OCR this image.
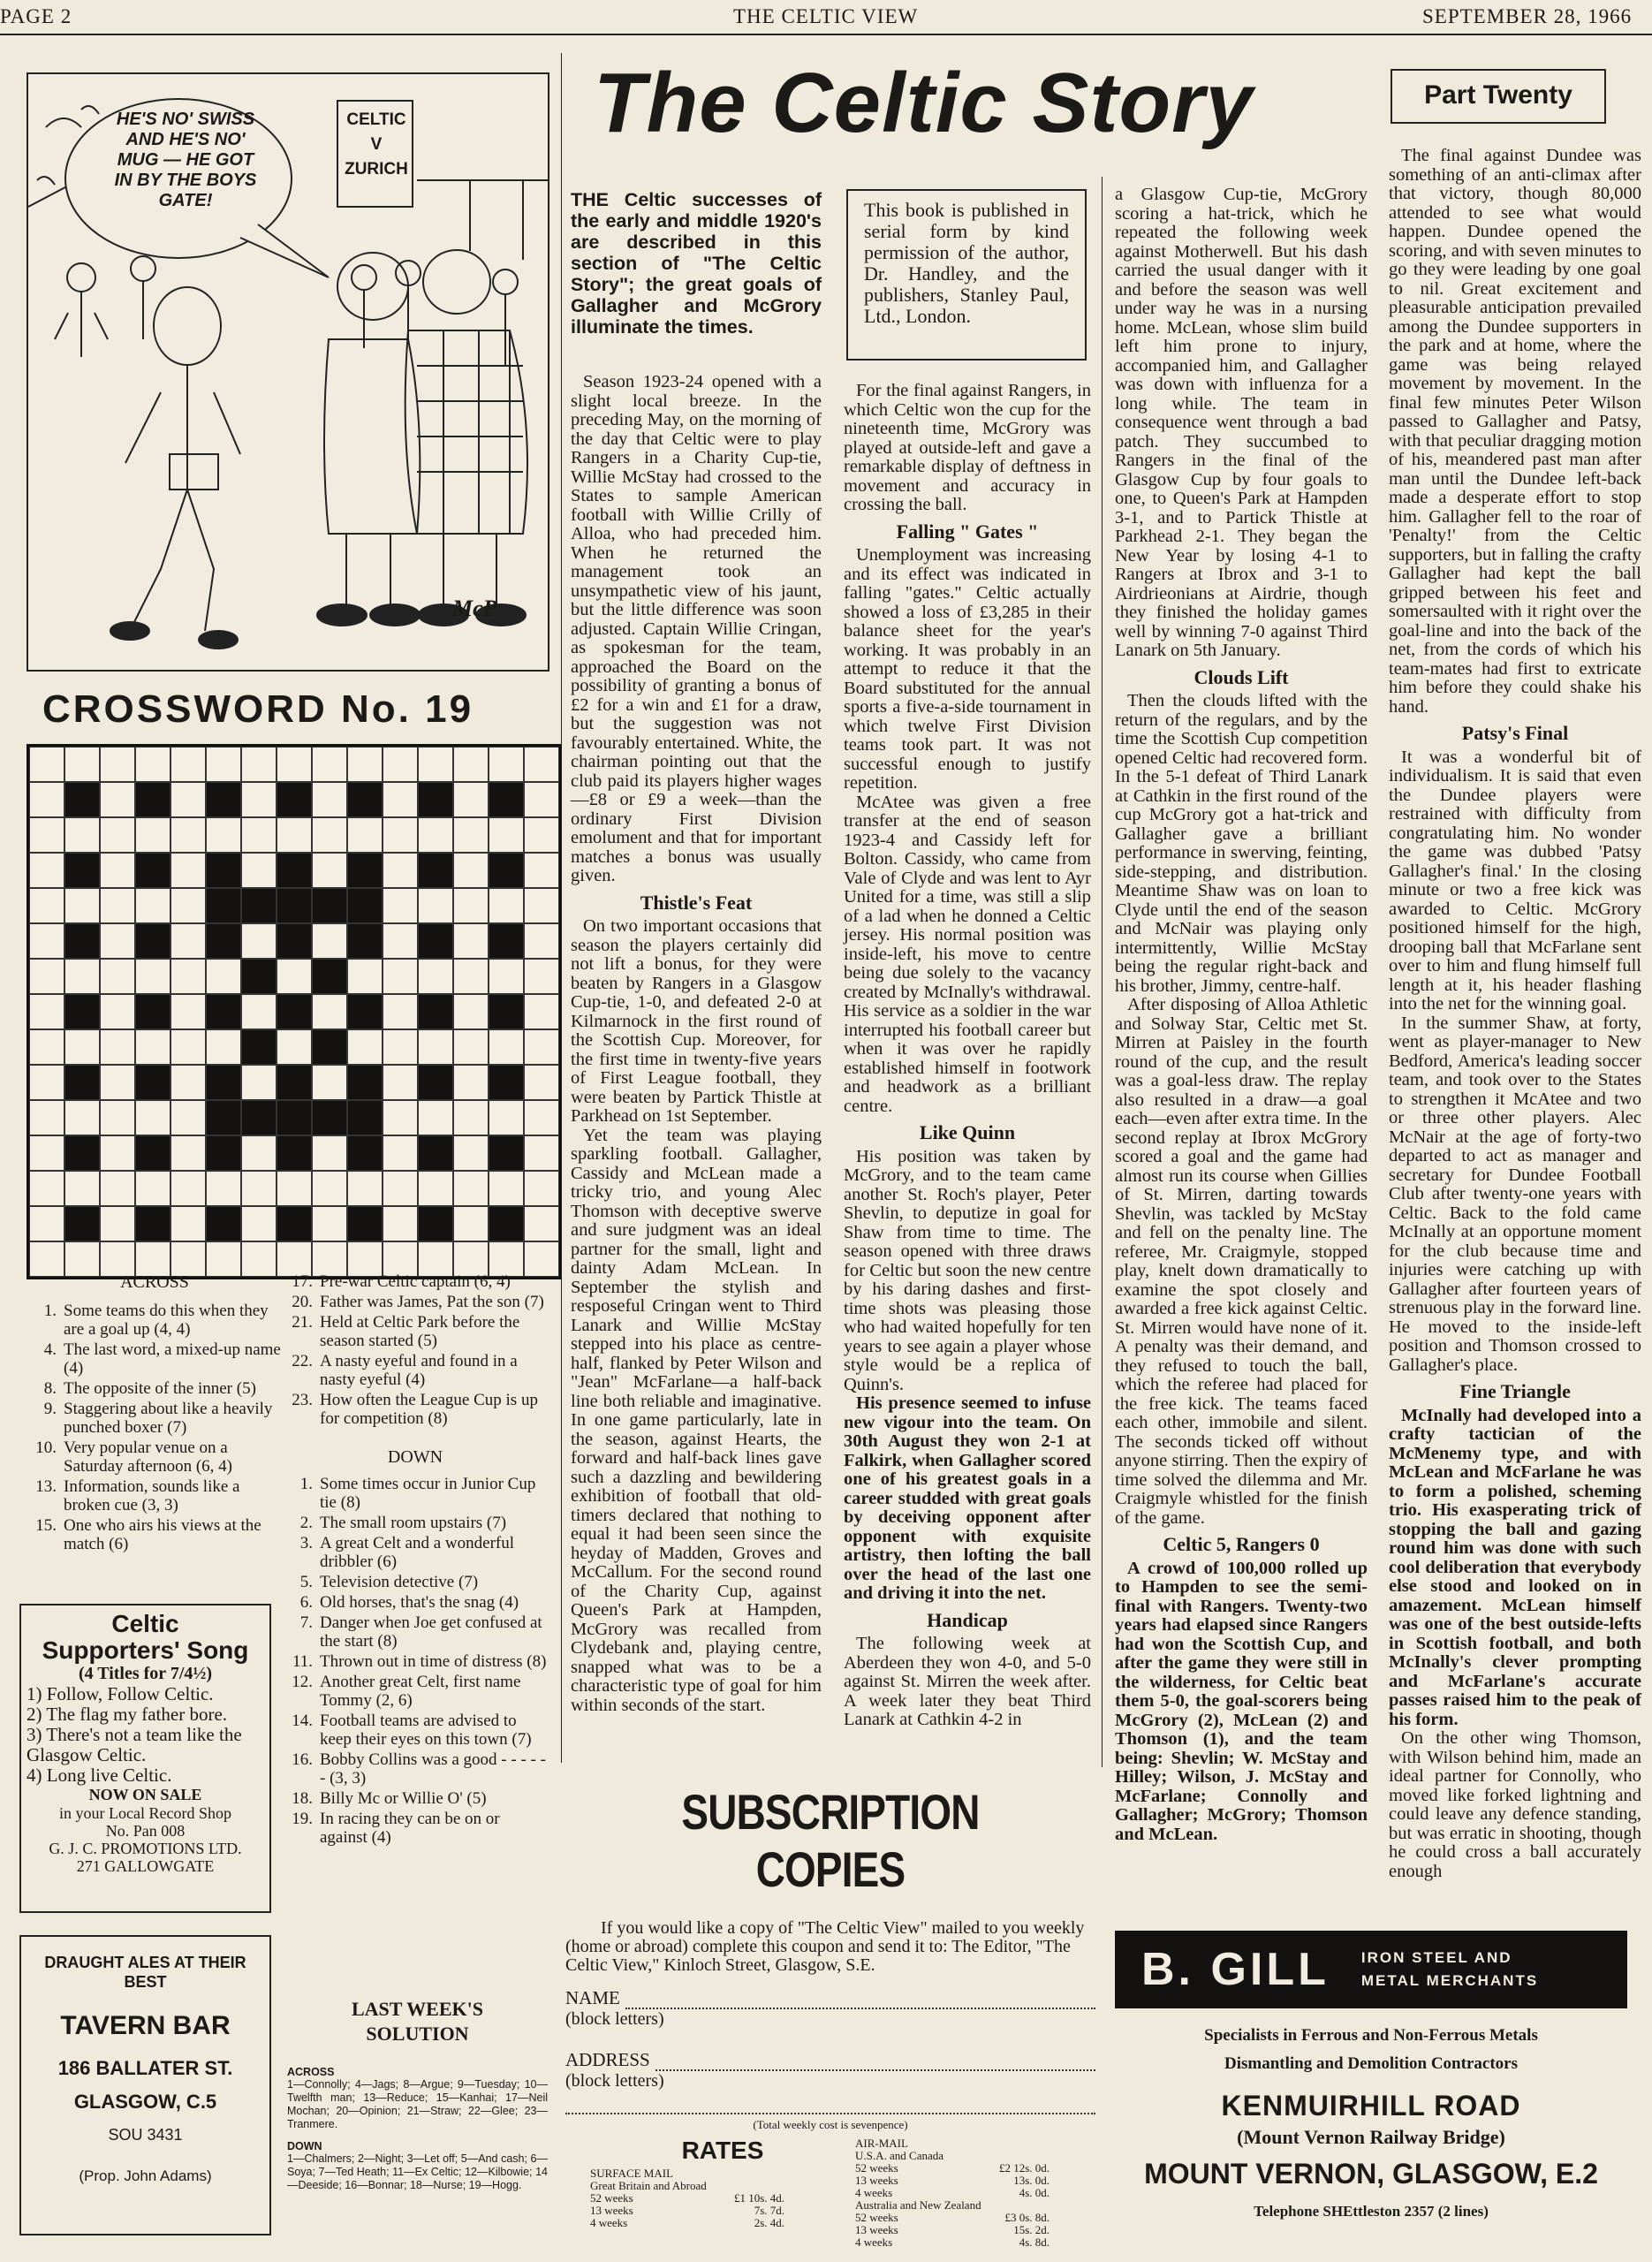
PAGE 2	THE CELTIC VIEW	SEPTEMBER 28, 1966
HE'S NO' SWISS
AND HE'S NO'
MUG — HE GOT
IN BY THE BOYS
GATE!
CELTIC
V
ZURICH
McP
CROSSWORD No. 19
ACROSS
1. Some teams do this when they are a goal up (4, 4)
4. The last word, a mixed-up name (4)
8. The opposite of the inner (5)
9. Staggering about like a heavily punched boxer (7)
10. Very popular venue on a Saturday afternoon (6, 4)
13. Information, sounds like a broken cue (3, 3)
15. One who airs his views at the match (6)
17. Pre-war Celtic captain (6, 4)
20. Father was James, Pat the son (7)
21. Held at Celtic Park before the season started (5)
22. A nasty eyeful and found in a nasty eyeful (4)
23. How often the League Cup is up for competition (8)
DOWN
1. Some times occur in Junior Cup tie (8)
2. The small room upstairs (7)
3. A great Celt and a wonderful dribbler (6)
5. Television detective (7)
6. Old horses, that's the snag (4)
7. Danger when Joe get confused at the start (8)
11. Thrown out in time of distress (8)
12. Another great Celt, first name Tommy (2, 6)
14. Football teams are advised to keep their eyes on this town (7)
16. Bobby Collins was a good - - - - - - (3, 3)
18. Billy Mc or Willie O' (5)
19. In racing they can be on or against (4)
Celtic
Supporters' Song
(4 Titles for 7/4½)
1) Follow, Follow Celtic.
2) The flag my father bore.
3) There's not a team like the Glasgow Celtic.
4) Long live Celtic.
NOW ON SALE
in your Local Record Shop
No. Pan 008
G. J. C. PROMOTIONS LTD.
271 GALLOWGATE
DRAUGHT ALES AT THEIR BEST
TAVERN BAR
186 BALLATER ST.
GLASGOW, C.5
SOU 3431
(Prop. John Adams)
LAST WEEK'S
SOLUTION
ACROSS
1—Connolly; 4—Jags; 8—Argue; 9—Tuesday; 10—Twelfth man; 13—Reduce; 15—Kanhai; 17—Neil Mochan; 20—Opinion; 21—Straw; 22—Glee; 23—Tranmere.
DOWN
1—Chalmers; 2—Night; 3—Let off; 5—And cash; 6—Soya; 7—Ted Heath; 11—Ex Celtic; 12—Kilbowie; 14—Deeside; 16—Bonnar; 18—Nurse; 19—Hogg.
The Celtic Story	Part Twenty
THE Celtic successes of the early and middle 1920's are described in this section of "The Celtic Story"; the great goals of Gallagher and McGrory illuminate the times.
This book is published in serial form by kind permission of the author, Dr. Handley, and the publishers, Stanley Paul, Ltd., London.

Season 1923-24 opened with a slight local breeze. In the preceding May, on the morning of the day that Celtic were to play Rangers in a Charity Cup-tie, Willie McStay had crossed to the States to sample American football with Willie Crilly of Alloa, who had preceded him. When he returned the management took an unsympathetic view of his jaunt, but the little difference was soon adjusted. Captain Willie Cringan, as spokesman for the team, approached the Board on the possibility of granting a bonus of £2 for a win and £1 for a draw, but the suggestion was not favourably entertained. White, the chairman pointing out that the club paid its players higher wages—£8 or £9 a week—than the ordinary First Division emolument and that for important matches a bonus was usually given.

Thistle's Feat

On two important occasions that season the players certainly did not lift a bonus, for they were beaten by Rangers in a Glasgow Cup-tie, 1-0, and defeated 2-0 at Kilmarnock in the first round of the Scottish Cup. Moreover, for the first time in twenty-five years of First League football, they were beaten by Partick Thistle at Parkhead on 1st September.

Yet the team was playing sparkling football. Gallagher, Cassidy and McLean made a tricky trio, and young Alec Thomson with deceptive swerve and sure judgment was an ideal partner for the small, light and dainty Adam McLean. In September the stylish and resposeful Cringan went to Third Lanark and Willie McStay stepped into his place as centre-half, flanked by Peter Wilson and "Jean" McFarlane—a half-back line both reliable and imaginative. In one game particularly, late in the season, against Hearts, the forward and half-back lines gave such a dazzling and bewildering exhibition of football that old-timers declared that nothing to equal it had been seen since the heyday of Madden, Groves and McCallum. For the second round of the Charity Cup, against Queen's Park at Hampden, McGrory was recalled from Clydebank and, playing centre, snapped what was to be a characteristic type of goal for him within seconds of the start.

For the final against Rangers, in which Celtic won the cup for the nineteenth time, McGrory was played at outside-left and gave a remarkable display of deftness in movement and accuracy in crossing the ball.

Falling " Gates "

Unemployment was increasing and its effect was indicated in falling "gates." Celtic actually showed a loss of £3,285 in their balance sheet for the year's working. It was probably in an attempt to reduce it that the Board substituted for the annual sports a five-a-side tournament in which twelve First Division teams took part. It was not successful enough to justify repetition.

McAtee was given a free transfer at the end of season 1923-4 and Cassidy left for Bolton. Cassidy, who came from Vale of Clyde and was lent to Ayr United for a time, was still a slip of a lad when he donned a Celtic jersey. His normal position was inside-left, his move to centre being due solely to the vacancy created by McInally's withdrawal. His service as a soldier in the war interrupted his football career but when it was over he rapidly established himself in footwork and headwork as a brilliant centre.

Like Quinn

His position was taken by McGrory, and to the team came another St. Roch's player, Peter Shevlin, to deputize in goal for Shaw from time to time. The season opened with three draws for Celtic but soon the new centre by his daring dashes and first-time shots was pleasing those who had waited hopefully for ten years to see again a player whose style would be a replica of Quinn's.

His presence seemed to infuse new vigour into the team. On 30th August they won 2-1 at Falkirk, when Gallagher scored one of his greatest goals in a career studded with great goals by deceiving opponent after opponent with exquisite artistry, then lofting the ball over the head of the last one and driving it into the net.

Handicap

The following week at Aberdeen they won 4-0, and 5-0 against St. Mirren the week after. A week later they beat Third Lanark at Cathkin 4-2 in

a Glasgow Cup-tie, McGrory scoring a hat-trick, which he repeated the following week against Motherwell. But his dash carried the usual danger with it and before the season was well under way he was in a nursing home. McLean, whose slim build left him prone to injury, accompanied him, and Gallagher was down with influenza for a long while. The team in consequence went through a bad patch. They succumbed to Rangers in the final of the Glasgow Cup by four goals to one, to Queen's Park at Hampden 3-1, and to Partick Thistle at Parkhead 2-1. They began the New Year by losing 4-1 to Rangers at Ibrox and 3-1 to Airdrieonians at Airdrie, though they finished the holiday games well by winning 7-0 against Third Lanark on 5th January.

Clouds Lift

Then the clouds lifted with the return of the regulars, and by the time the Scottish Cup competition opened Celtic had recovered form. In the 5-1 defeat of Third Lanark at Cathkin in the first round of the cup McGrory got a hat-trick and Gallagher gave a brilliant performance in swerving, feinting, side-stepping, and distribution. Meantime Shaw was on loan to Clyde until the end of the season and McNair was playing only intermittently, Willie McStay being the regular right-back and his brother, Jimmy, centre-half.

After disposing of Alloa Athletic and Solway Star, Celtic met St. Mirren at Paisley in the fourth round of the cup, and the result was a goal-less draw. The replay also resulted in a draw—a goal each—even after extra time. In the second replay at Ibrox McGrory scored a goal and the game had almost run its course when Gillies of St. Mirren, darting towards Shevlin, was tackled by McStay and fell on the penalty line. The referee, Mr. Craigmyle, stopped play, knelt down dramatically to examine the spot closely and awarded a free kick against Celtic. St. Mirren would have none of it. A penalty was their demand, and they refused to touch the ball, which the referee had placed for the free kick. The teams faced each other, immobile and silent. The seconds ticked off without anyone stirring. Then the expiry of time solved the dilemma and Mr. Craigmyle whistled for the finish of the game.

Celtic 5, Rangers 0

A crowd of 100,000 rolled up to Hampden to see the semi-final with Rangers. Twenty-two years had elapsed since Rangers had won the Scottish Cup, and after the game they were still in the wilderness, for Celtic beat them 5-0, the goal-scorers being McGrory (2), McLean (2) and Thomson (1), and the team being: Shevlin; W. McStay and Hilley; Wilson, J. McStay and McFarlane; Connolly and Gallagher; McGrory; Thomson and McLean.

The final against Dundee was something of an anti-climax after that victory, though 80,000 attended to see what would happen. Dundee opened the scoring, and with seven minutes to go they were leading by one goal to nil. Great excitement and pleasurable anticipation prevailed among the Dundee supporters in the park and at home, where the game was being relayed movement by movement. In the final few minutes Peter Wilson passed to Gallagher and Patsy, with that peculiar dragging motion of his, meandered past man after man until the Dundee left-back made a desperate effort to stop him. Gallagher fell to the roar of 'Penalty!' from the Celtic supporters, but in falling the crafty Gallagher had kept the ball gripped between his feet and somersaulted with it right over the goal-line and into the back of the net, from the cords of which his team-mates had first to extricate him before they could shake his hand.

Patsy's Final

It was a wonderful bit of individualism. It is said that even the Dundee players were restrained with difficulty from congratulating him. No wonder the game was dubbed 'Patsy Gallagher's final.' In the closing minute or two a free kick was awarded to Celtic. McGrory positioned himself for the high, drooping ball that McFarlane sent over to him and flung himself full length at it, his header flashing into the net for the winning goal.

In the summer Shaw, at forty, went as player-manager to New Bedford, America's leading soccer team, and took over to the States to strengthen it McAtee and two or three other players. Alec McNair at the age of forty-two departed to act as manager and secretary for Dundee Football Club after twenty-one years with Celtic. Back to the fold came McInally at an opportune moment for the club because time and injuries were catching up with Gallagher after fourteen years of strenuous play in the forward line. He moved to the inside-left position and Thomson crossed to Gallagher's place.

Fine Triangle

McInally had developed into a crafty tactician of the McMenemy type, and with McLean and McFarlane he was to form a polished, scheming trio. His exasperating trick of stopping the ball and gazing round him was done with such cool deliberation that everybody else stood and looked on in amazement. McLean himself was one of the best outside-lefts in Scottish football, and both McInally's clever prompting and McFarlane's accurate passes raised him to the peak of his form.

On the other wing Thomson, with Wilson behind him, made an ideal partner for Connolly, who moved like forked lightning and could leave any defence standing, but was erratic in shooting, though he could cross a ball accurately enough

SUBSCRIPTION COPIES
If you would like a copy of "The Celtic View" mailed to you weekly (home or abroad) complete this coupon and send it to: The Editor, "The Celtic View," Kinloch Street, Glasgow, S.E.
NAME
(block letters)
ADDRESS
(block letters)
(Total weekly cost is sevenpence)
RATES
SURFACE MAIL
Great Britain and Abroad
52 weeks	£1 10s. 4d.
13 weeks	7s. 7d.
4 weeks	2s. 4d.
AIR-MAIL
U.S.A. and Canada
52 weeks	£2 12s. 0d.
13 weeks	13s. 0d.
4 weeks	4s. 0d.
Australia and New Zealand
52 weeks	£3 0s. 8d.
13 weeks	15s. 2d.
4 weeks	4s. 8d.
B. GILL IRON STEEL AND
METAL MERCHANTS
Specialists in Ferrous and Non-Ferrous Metals
Dismantling and Demolition Contractors
KENMUIRHILL ROAD
(Mount Vernon Railway Bridge)
MOUNT VERNON, GLASGOW, E.2
Telephone SHEttleston 2357 (2 lines)
